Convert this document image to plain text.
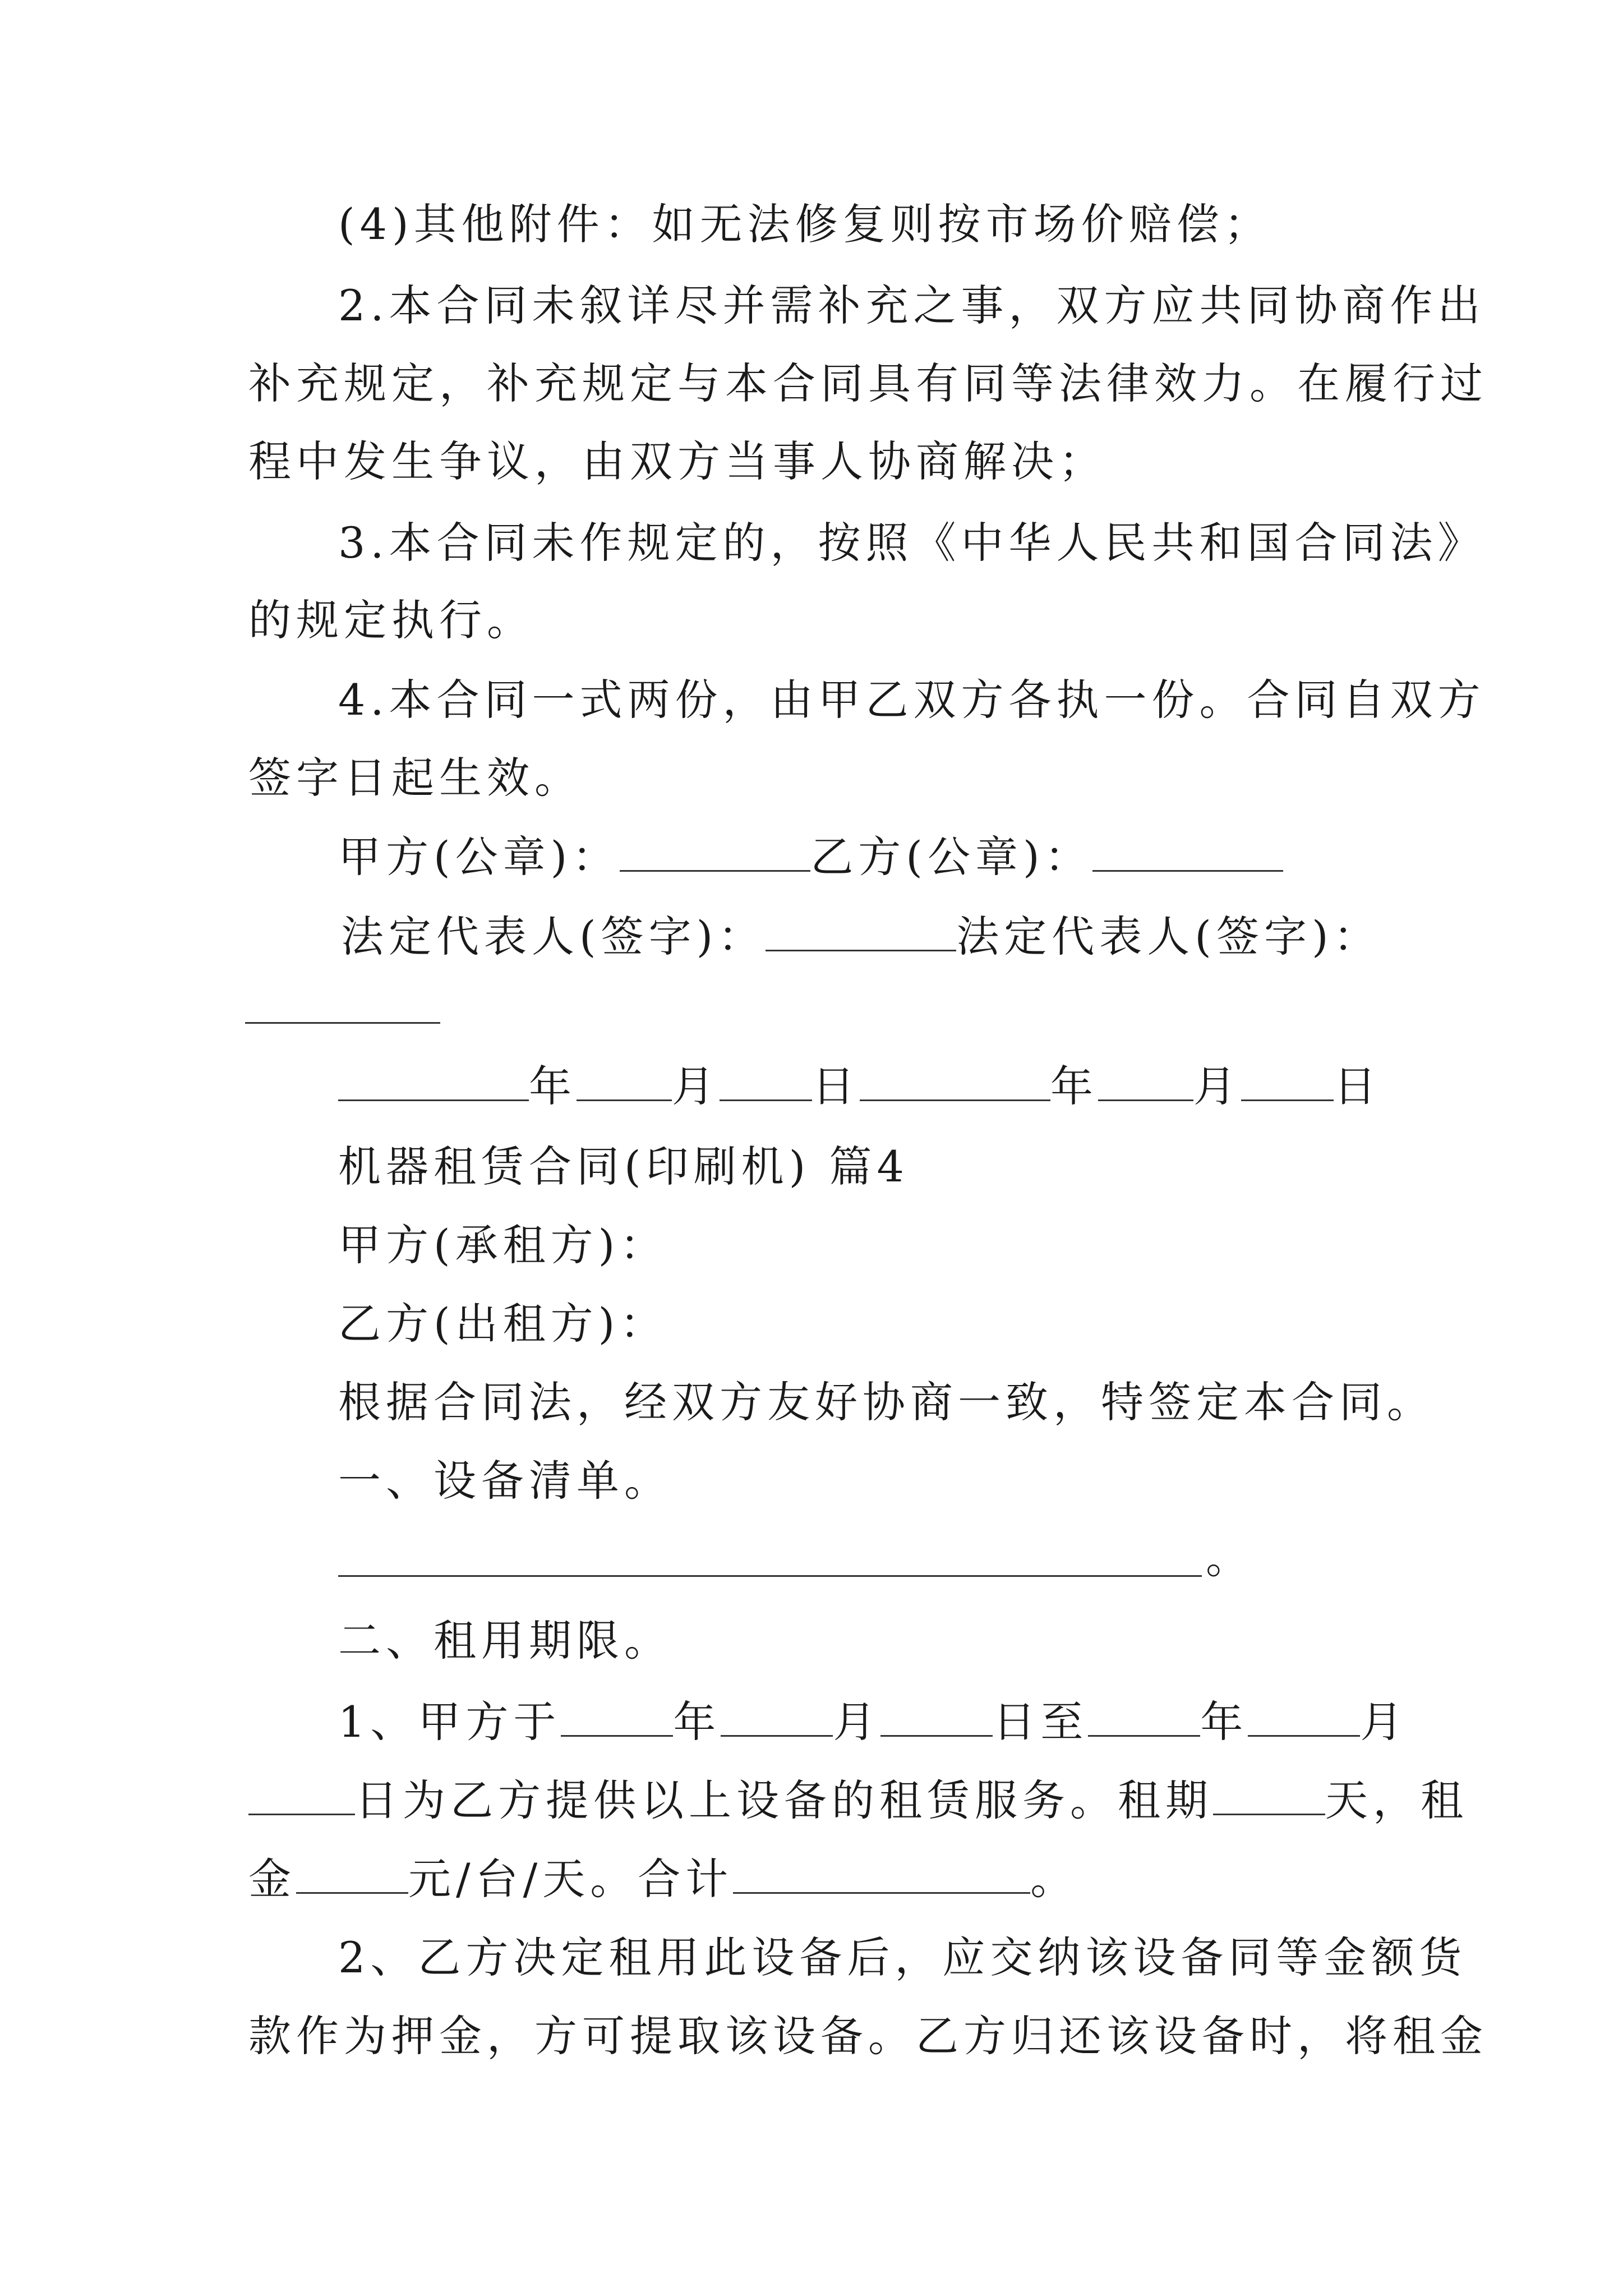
(4)其他附件：如无法修复则按市场价赔偿；

2.本合同未叙详尽并需补充之事，双方应共同协商作出

补充规定，补充规定与本合同具有同等法律效力。在履行过

程中发生争议，由双方当事人协商解决；

3.本合同未作规定的，按照《中华人民共和国合同法》

的规定执行。

4.本合同一式两份，由甲乙双方各执一份。合同自双方

签字日起生效。

甲方(公章)：	乙方(公章)：

法定代表人(签字)：	法定代表人(签字)：

年 月 日	年 月 日

机器租赁合同(印刷机) 篇4

甲方(承租方)：

乙方(出租方)：

根据合同法，经双方友好协商一致，特签定本合同。

一、设备清单。

。

二、租用期限。

1、甲方于	年	月	日至	年	月

日为乙方提供以上设备的租赁服务。租期	天，租

金	元/台/天。合计	。

2、乙方决定租用此设备后，应交纳该设备同等金额货

款作为押金，方可提取该设备。乙方归还该设备时，将租金
